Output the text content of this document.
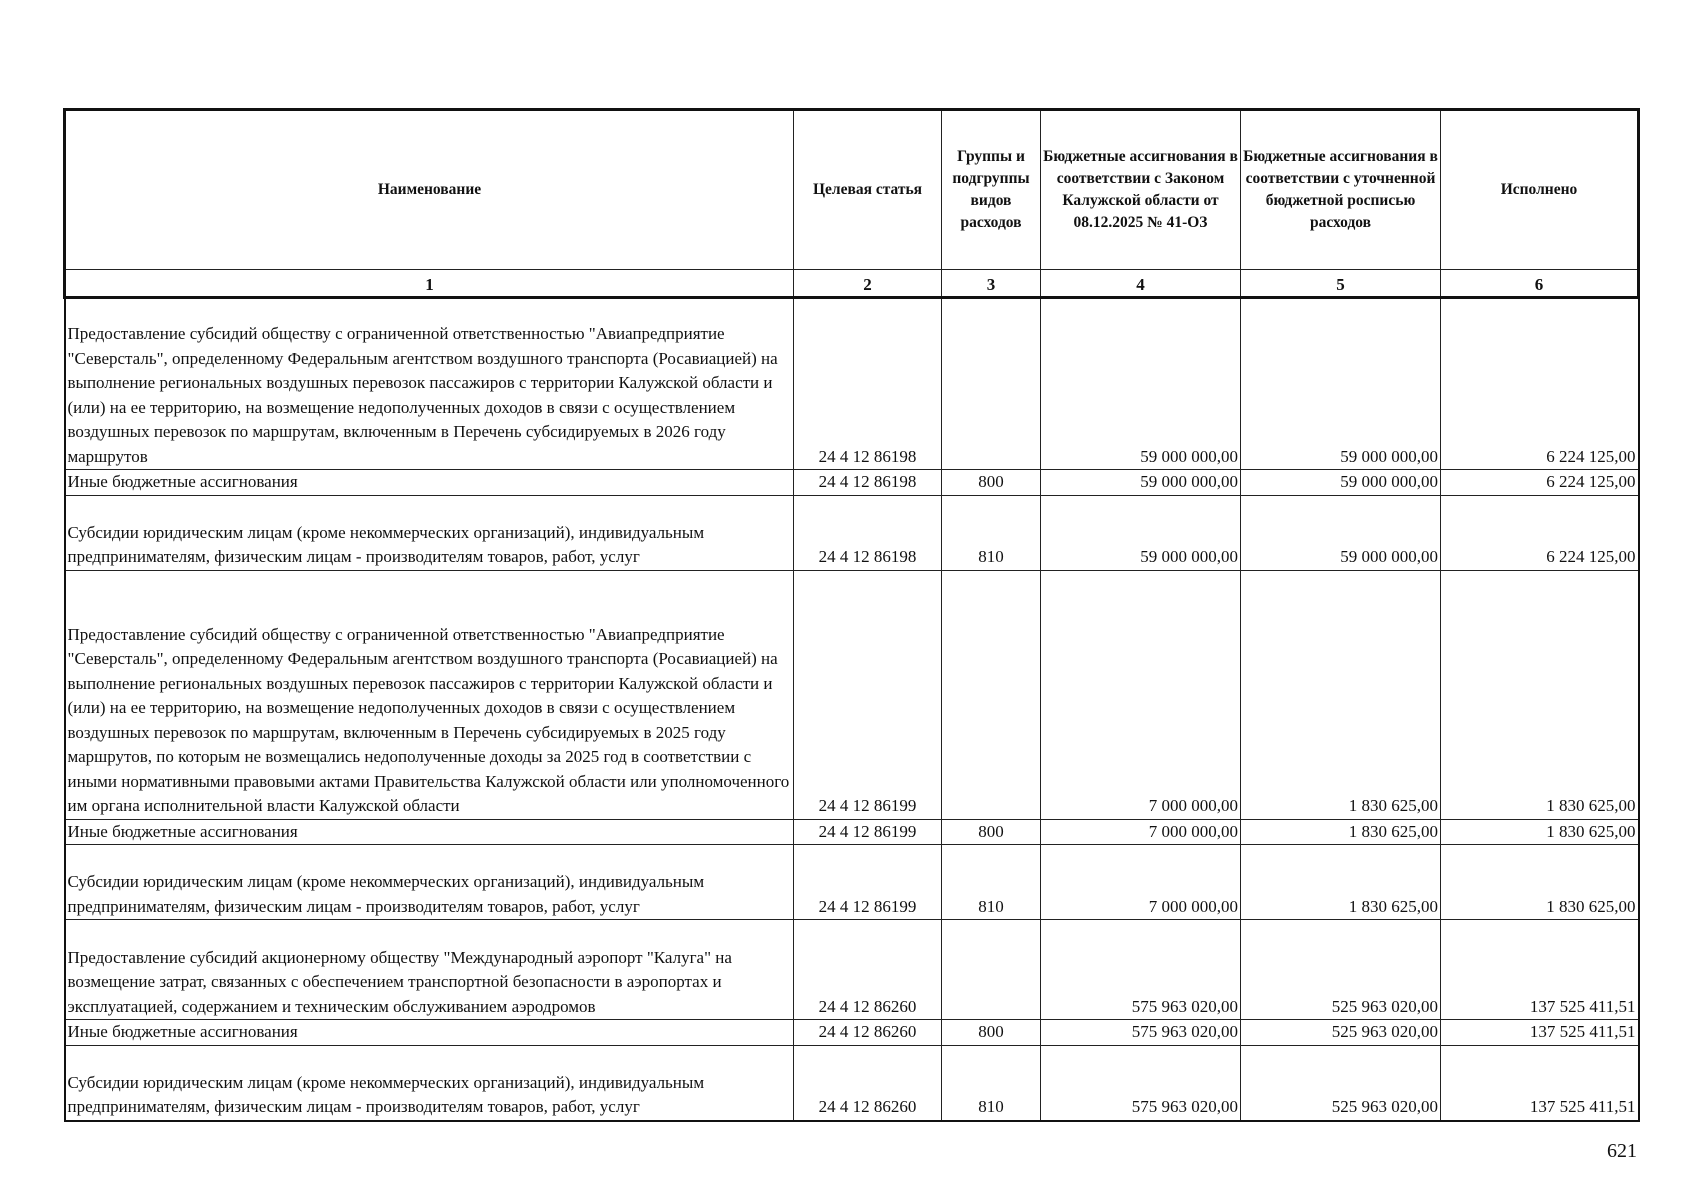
Наименование	Целевая статья	Группы и подгруппы видов расходов	Бюджетные ассигнования в соответствии с Законом Калужской области от 08.12.2025 № 41-ОЗ	Бюджетные ассигнования в соответствии с уточненной бюджетной росписью расходов	Исполнено
1	2	3	4	5	6
Предоставление субсидий обществу с ограниченной ответственностью "Авиапредприятие "Северсталь", определенному Федеральным агентством воздушного транспорта (Росавиацией) на выполнение региональных воздушных перевозок пассажиров с территории Калужской области и (или) на ее территорию, на возмещение недополученных доходов в связи с осуществлением воздушных перевозок по маршрутам, включенным в Перечень субсидируемых в 2026 году маршрутов	24 4 12 86198		59 000 000,00	59 000 000,00	6 224 125,00
Иные бюджетные ассигнования	24 4 12 86198	800	59 000 000,00	59 000 000,00	6 224 125,00
Субсидии юридическим лицам (кроме некоммерческих организаций), индивидуальным предпринимателям, физическим лицам - производителям товаров, работ, услуг	24 4 12 86198	810	59 000 000,00	59 000 000,00	6 224 125,00
Предоставление субсидий обществу с ограниченной ответственностью "Авиапредприятие "Северсталь", определенному Федеральным агентством воздушного транспорта (Росавиацией) на выполнение региональных воздушных перевозок пассажиров с территории Калужской области и (или) на ее территорию, на возмещение недополученных доходов в связи с осуществлением воздушных перевозок по маршрутам, включенным в Перечень субсидируемых в 2025 году маршрутов, по которым не возмещались недополученные доходы за 2025 год в соответствии с иными нормативными правовыми актами Правительства Калужской области или уполномоченного им органа исполнительной власти Калужской области	24 4 12 86199		7 000 000,00	1 830 625,00	1 830 625,00
Иные бюджетные ассигнования	24 4 12 86199	800	7 000 000,00	1 830 625,00	1 830 625,00
Субсидии юридическим лицам (кроме некоммерческих организаций), индивидуальным предпринимателям, физическим лицам - производителям товаров, работ, услуг	24 4 12 86199	810	7 000 000,00	1 830 625,00	1 830 625,00
Предоставление субсидий акционерному обществу "Международный аэропорт "Калуга" на возмещение затрат, связанных с обеспечением транспортной безопасности в аэропортах и эксплуатацией, содержанием и техническим обслуживанием аэродромов	24 4 12 86260		575 963 020,00	525 963 020,00	137 525 411,51
Иные бюджетные ассигнования	24 4 12 86260	800	575 963 020,00	525 963 020,00	137 525 411,51
Субсидии юридическим лицам (кроме некоммерческих организаций), индивидуальным предпринимателям, физическим лицам - производителям товаров, работ, услуг	24 4 12 86260	810	575 963 020,00	525 963 020,00	137 525 411,51
621
